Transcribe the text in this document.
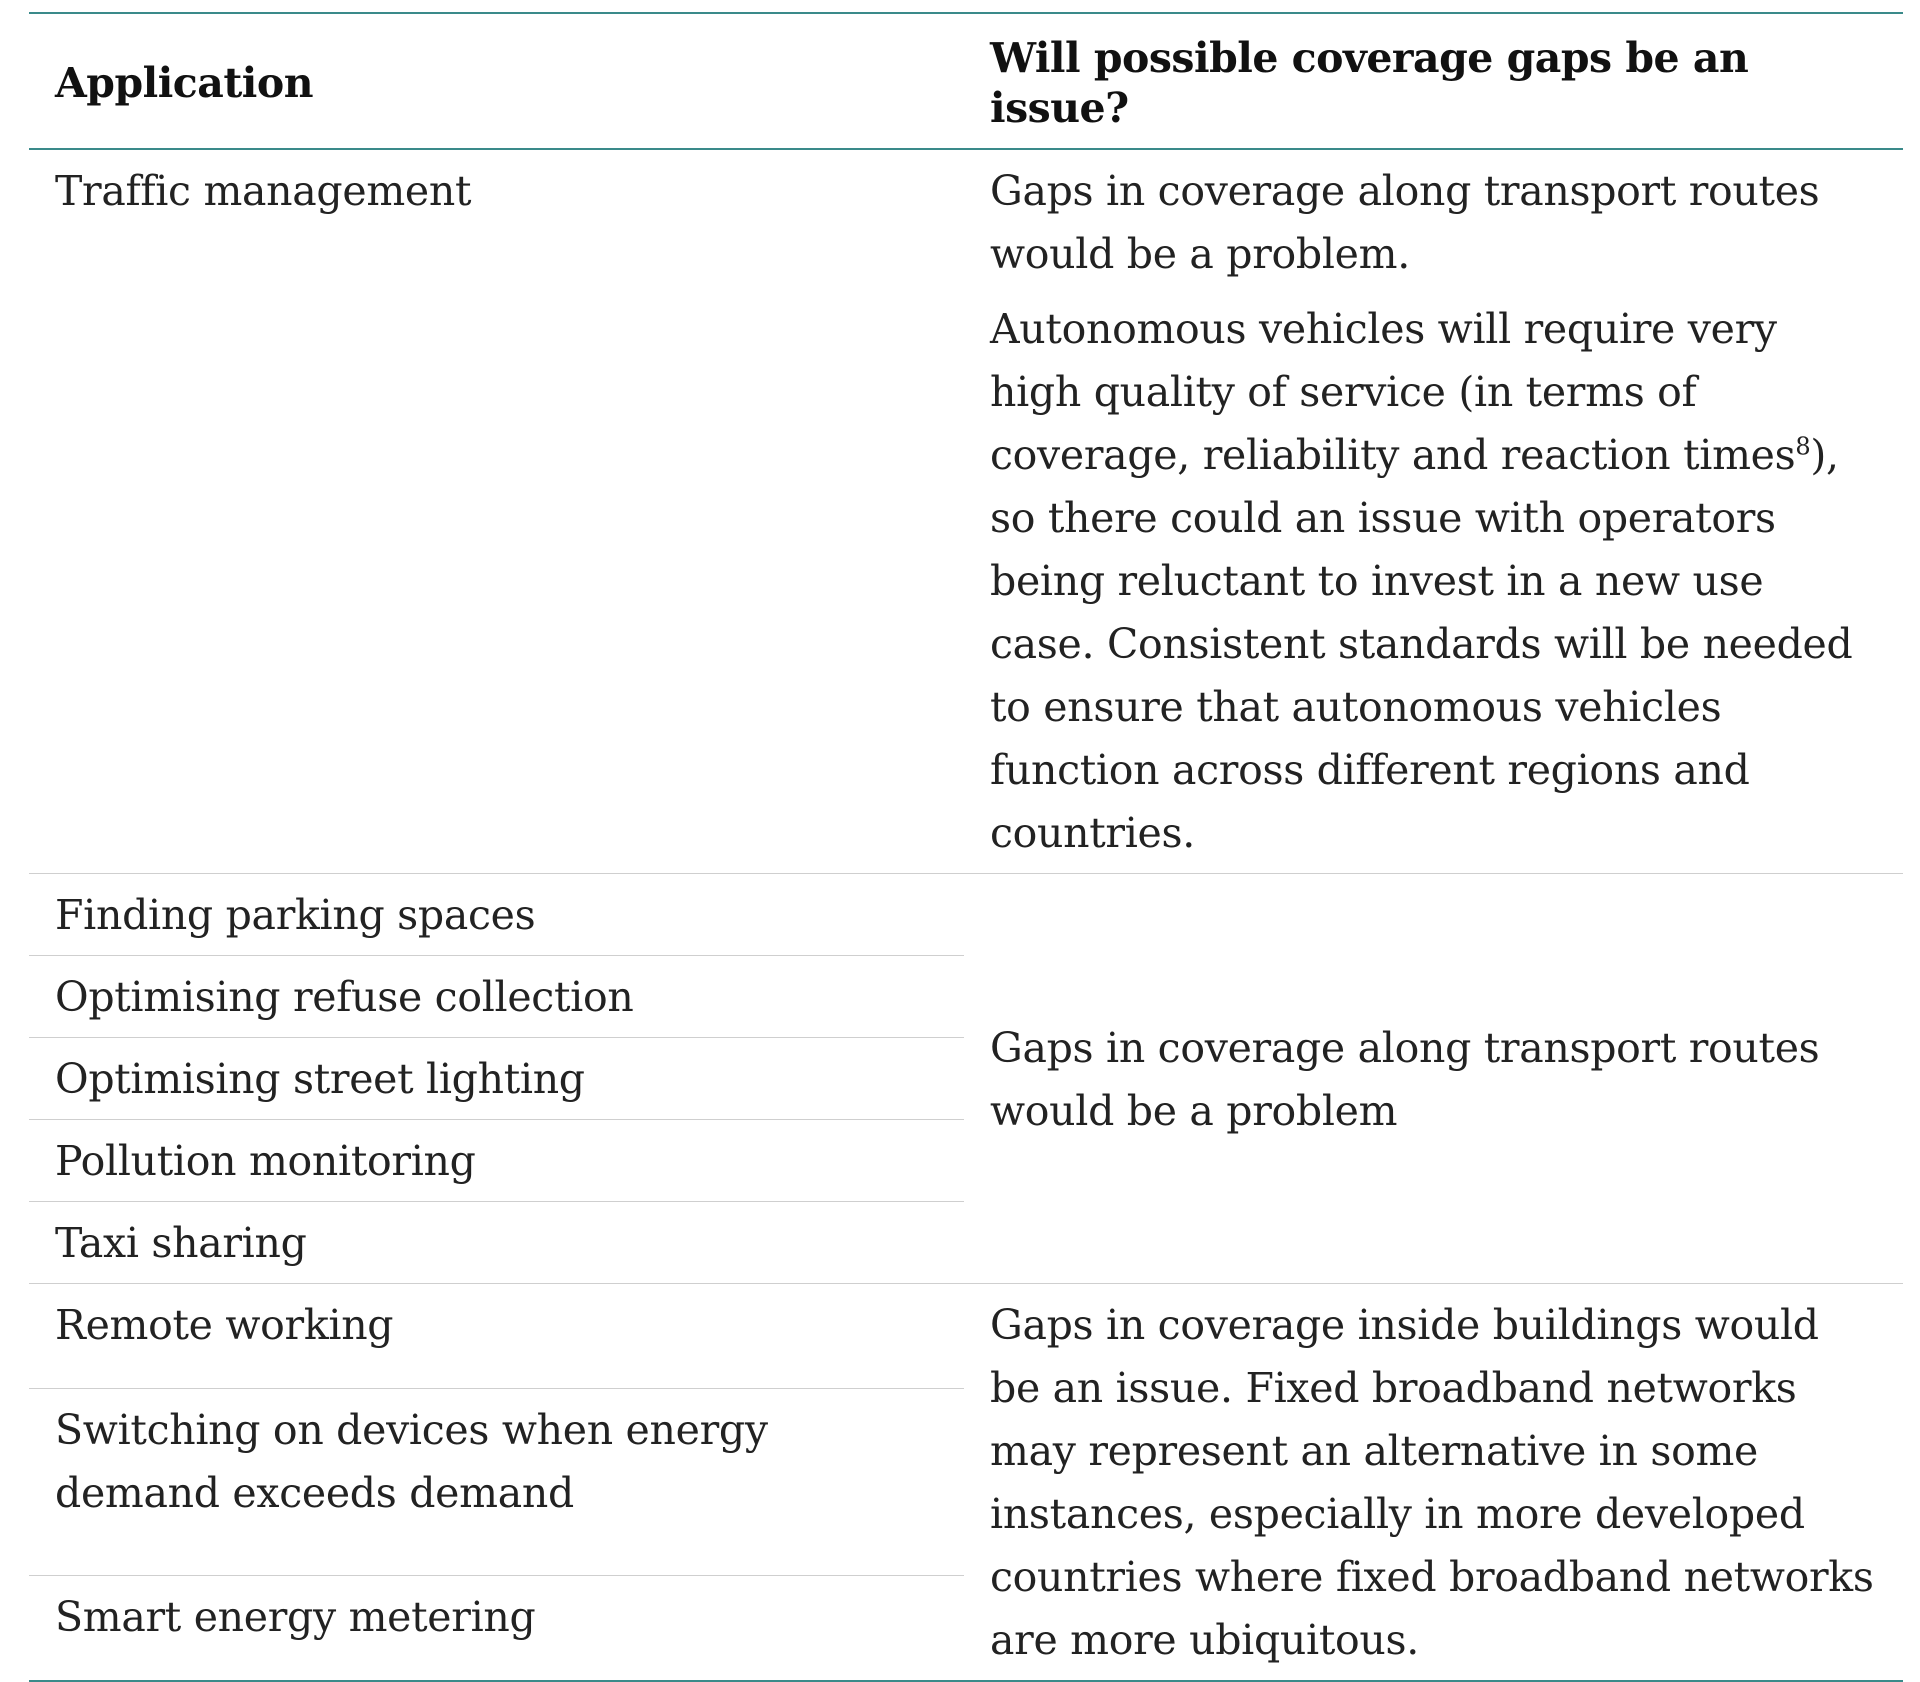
Application	Will possible coverage gaps be an issue?
Traffic management	Gaps in coverage along transport routes would be a problem.
Autonomous vehicles will require very high quality of service (in terms of coverage, reliability and reaction times$^8$), so there could an issue with operators being reluctant to invest in a new use case. Consistent standards will be needed to ensure that autonomous vehicles function across different regions and countries.

Finding parking spaces	Gaps in coverage along transport routes would be a problem
Optimising refuse collection	
Optimising street lighting	
Pollution monitoring	
Taxi sharing	
Remote working	Gaps in coverage inside buildings would be an issue. Fixed broadband networks may represent an alternative in some instances, especially in more developed countries where fixed broadband networks are more ubiquitous.
Switching on devices when energy demand exceeds demand	
Smart energy metering	
